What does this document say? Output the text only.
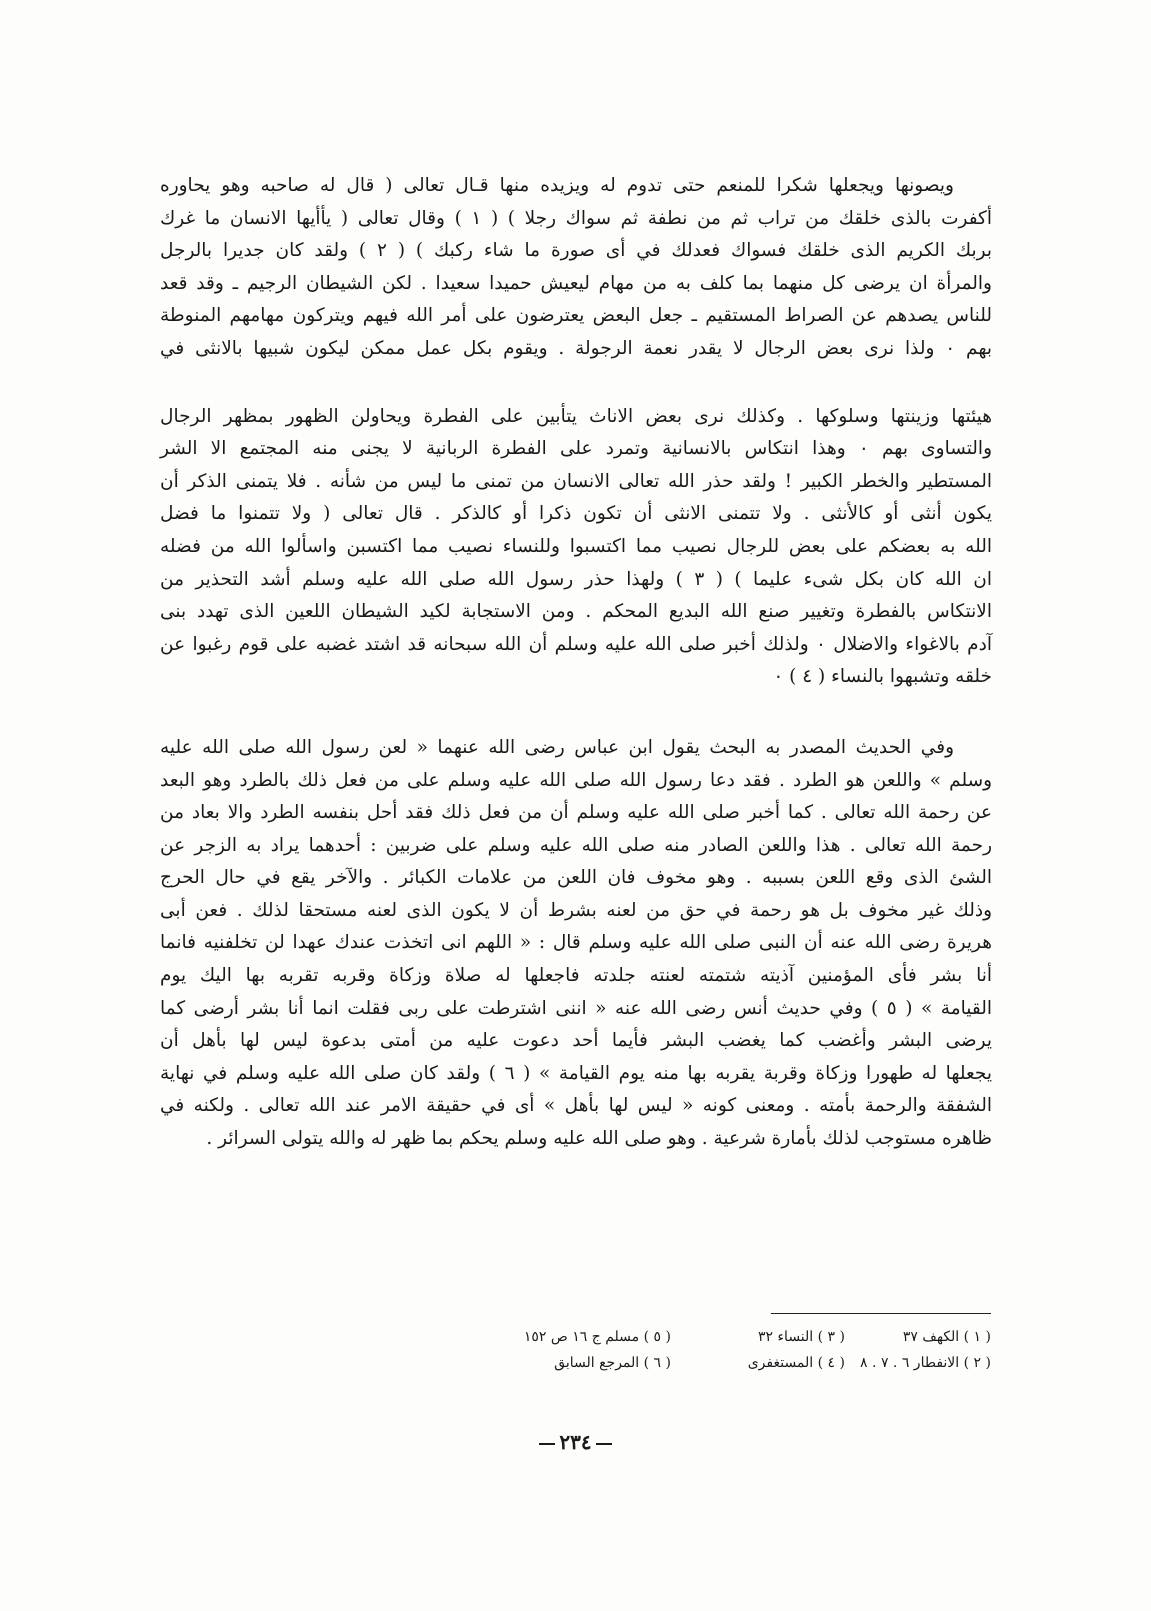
ويصونها ويجعلها شكرا للمنعم حتى تدوم له ويزيده منها قـال تعالى ( قال له صاحبه وهو يحاوره
أكفرت بالذى خلقك من تراب ثم من نطفة ثم سواك رجلا ) ( ١ ) وقال تعالى ( يأأيها الانسان ما غرك
بربك الكريم الذى خلقك فسواك فعدلك في أى صورة ما شاء ركبك ) ( ٢ ) ولقد كان جديرا بالرجل
والمرأة ان يرضى كل منهما بما كلف به من مهام ليعيش حميدا سعيدا . لكن الشيطان الرجيم ـ وقد قعد
للناس يصدهم عن الصراط المستقيم ـ جعل البعض يعترضون على أمر الله فيهم ويتركون مهامهم المنوطة
بهم ٠ ولذا نرى بعض الرجال لا يقدر نعمة الرجولة . ويقوم بكل عمل ممكن ليكون شبيها بالانثى في

هيئتها وزينتها وسلوكها . وكذلك نرى بعض الاناث يتأبين على الفطرة ويحاولن الظهور بمظهر الرجال
والتساوى بهم ٠ وهذا انتكاس بالانسانية وتمرد على الفطرة الربانية لا يجنى منه المجتمع الا الشر
المستطير والخطر الكبير ! ولقد حذر الله تعالى الانسان من تمنى ما ليس من شأنه . فلا يتمنى الذكر أن
يكون أنثى أو كالأنثى . ولا تتمنى الانثى أن تكون ذكرا أو كالذكر . قال تعالى ( ولا تتمنوا ما فضل
الله به بعضكم على بعض للرجال نصيب مما اكتسبوا وللنساء نصيب مما اكتسبن واسألوا الله من فضله
ان الله كان بكل شىء عليما ) ( ٣ ) ولهذا حذر رسول الله صلى الله عليه وسلم أشد التحذير من
الانتكاس بالفطرة وتغيير صنع الله البديع المحكم . ومن الاستجابة لكيد الشيطان اللعين الذى تهدد بنى
آدم بالاغواء والاضلال ٠ ولذلك أخبر صلى الله عليه وسلم أن الله سبحانه قد اشتد غضبه على قوم رغبوا عن
خلقه وتشبهوا بالنساء ( ٤ ) ٠

وفي الحديث المصدر به البحث يقول ابن عباس رضى الله عنهما « لعن رسول الله صلى الله عليه
وسلم » واللعن هو الطرد . فقد دعا رسول الله صلى الله عليه وسلم على من فعل ذلك بالطرد وهو البعد
عن رحمة الله تعالى . كما أخبر صلى الله عليه وسلم أن من فعل ذلك فقد أحل بنفسه الطرد والا بعاد من
رحمة الله تعالى . هذا واللعن الصادر منه صلى الله عليه وسلم على ضربين : أحدهما يراد به الزجر عن
الشئ الذى وقع اللعن بسببه . وهو مخوف فان اللعن من علامات الكبائر . والآخر يقع في حال الحرج
وذلك غير مخوف بل هو رحمة في حق من لعنه بشرط أن لا يكون الذى لعنه مستحقا لذلك . فعن أبى
هريرة رضى الله عنه أن النبى صلى الله عليه وسلم قال : « اللهم انى اتخذت عندك عهدا لن تخلفنيه فانما
أنا بشر فأى المؤمنين آذيته شتمته لعنته جلدته فاجعلها له صلاة وزكاة وقربه تقربه بها اليك يوم
القيامة » ( ٥ ) وفي حديث أنس رضى الله عنه « اننى اشترطت على ربى فقلت انما أنا بشر أرضى كما
يرضى البشر وأغضب كما يغضب البشر فأيما أحد دعوت عليه من أمتى بدعوة ليس لها بأهل أن
يجعلها له طهورا وزكاة وقربة يقربه بها منه يوم القيامة » ( ٦ ) ولقد كان صلى الله عليه وسلم في نهاية
الشفقة والرحمة بأمته . ومعنى كونه « ليس لها بأهل » أى في حقيقة الامر عند الله تعالى . ولكنه في
ظاهره مستوجب لذلك بأمارة شرعية . وهو صلى الله عليه وسلم يحكم بما ظهر له والله يتولى السرائر .

( ١ ) الكهف ٣٧
( ٢ ) الانفطار ٦ . ٧ . ٨
( ٣ ) النساء ٣٢
( ٤ ) المستغفرى
( ٥ ) مسلم ج ١٦ ص ١٥٢
( ٦ ) المرجع السابق
٢٣٤
